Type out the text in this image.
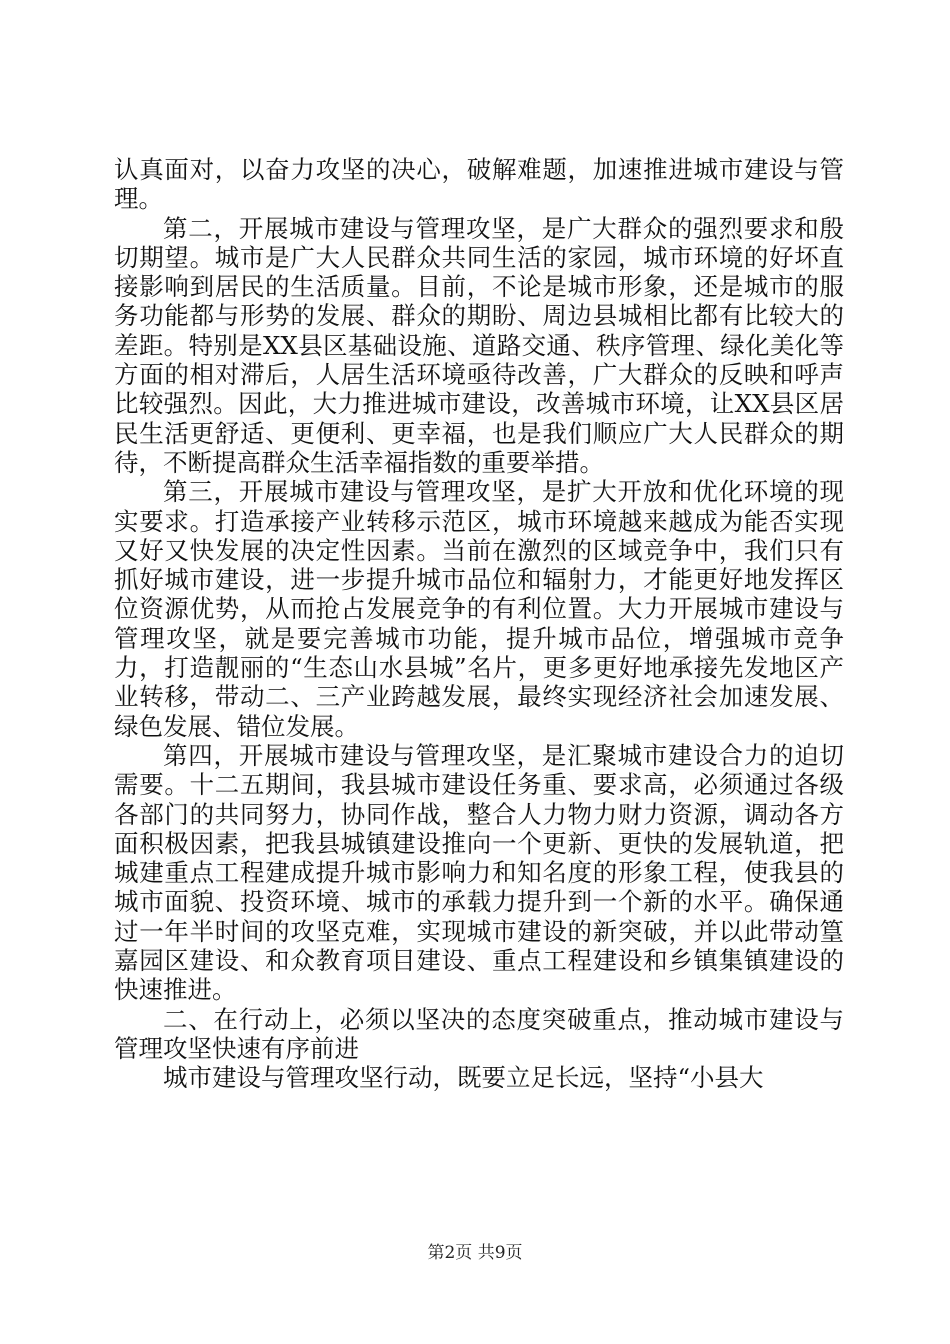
认真面对，以奋力攻坚的决心，破解难题，加速推进城市建设与管理。

第二，开展城市建设与管理攻坚，是广大群众的强烈要求和殷切期望。城市是广大人民群众共同生活的家园，城市环境的好坏直接影响到居民的生活质量。目前，不论是城市形象，还是城市的服务功能都与形势的发展、群众的期盼、周边县城相比都有比较大的差距。特别是XX县区基础设施、道路交通、秩序管理、绿化美化等方面的相对滞后，人居生活环境亟待改善，广大群众的反映和呼声比较强烈。因此，大力推进城市建设，改善城市环境，让XX县区居民生活更舒适、更便利、更幸福，也是我们顺应广大人民群众的期待，不断提高群众生活幸福指数的重要举措。

第三，开展城市建设与管理攻坚，是扩大开放和优化环境的现实要求。打造承接产业转移示范区，城市环境越来越成为能否实现又好又快发展的决定性因素。当前在激烈的区域竞争中，我们只有抓好城市建设，进一步提升城市品位和辐射力，才能更好地发挥区位资源优势，从而抢占发展竞争的有利位置。大力开展城市建设与管理攻坚，就是要完善城市功能，提升城市品位，增强城市竞争力，打造靓丽的“生态山水县城”名片，更多更好地承接先发地区产业转移，带动二、三产业跨越发展，最终实现经济社会加速发展、绿色发展、错位发展。

第四，开展城市建设与管理攻坚，是汇聚城市建设合力的迫切需要。十二五期间，我县城市建设任务重、要求高，必须通过各级各部门的共同努力，协同作战，整合人力物力财力资源，调动各方面积极因素，把我县城镇建设推向一个更新、更快的发展轨道，把城建重点工程建成提升城市影响力和知名度的形象工程，使我县的城市面貌、投资环境、城市的承载力提升到一个新的水平。确保通过一年半时间的攻坚克难，实现城市建设的新突破，并以此带动篁嘉园区建设、和众教育项目建设、重点工程建设和乡镇集镇建设的快速推进。

二、在行动上，必须以坚决的态度突破重点，推动城市建设与管理攻坚快速有序前进

城市建设与管理攻坚行动，既要立足长远，坚持“小县大

第2页 共9页
